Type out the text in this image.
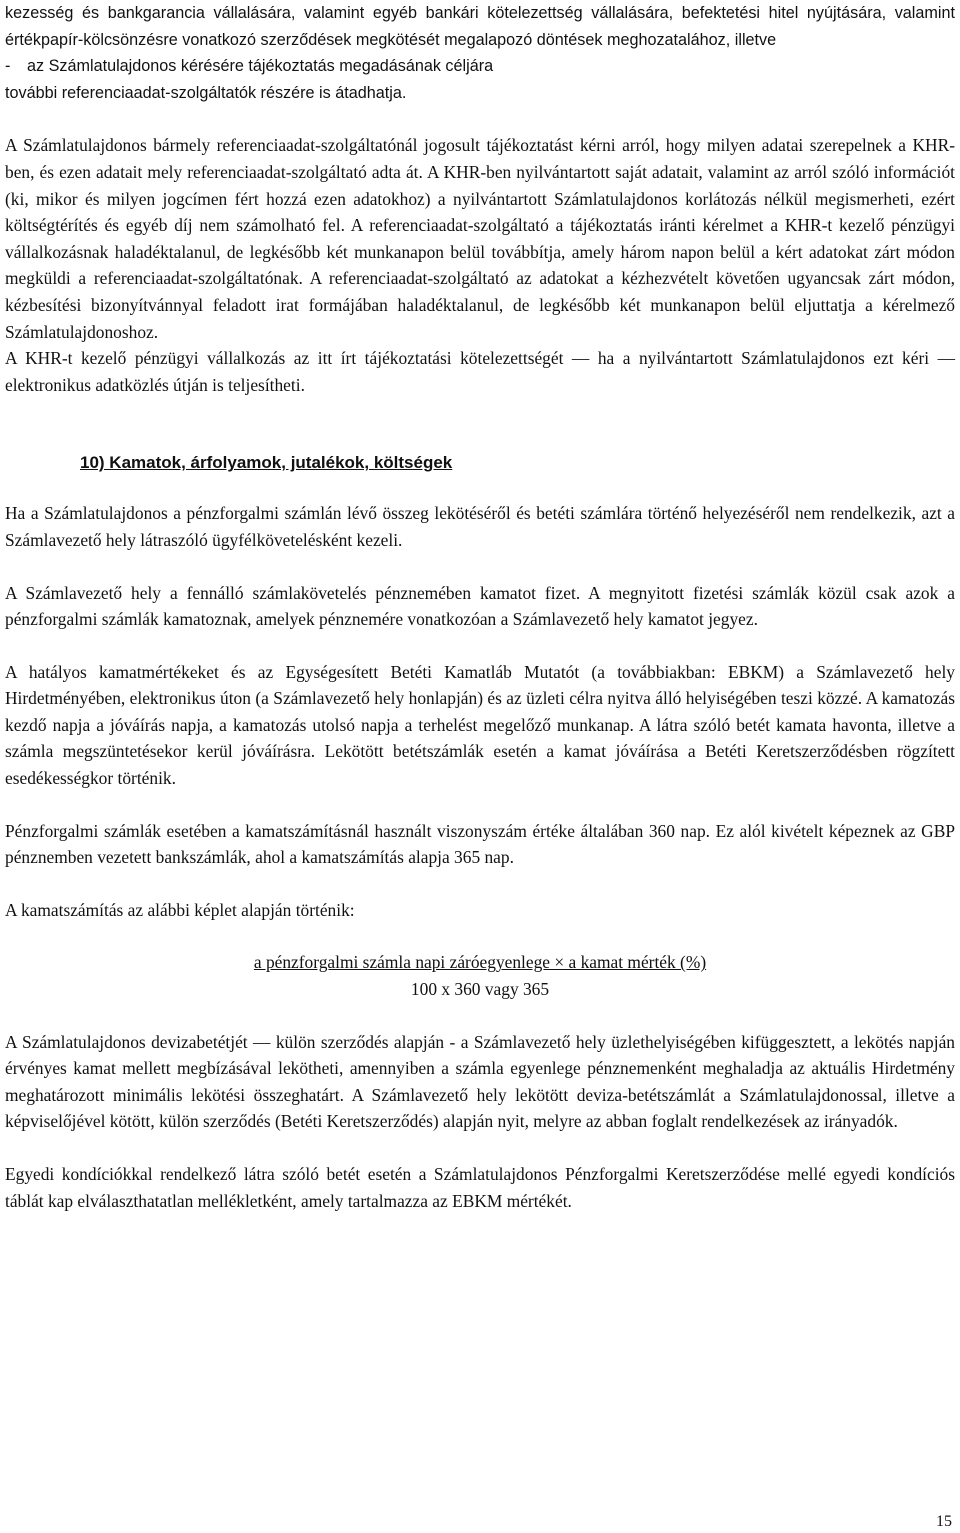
kezesség és bankgarancia vállalására, valamint egyéb bankári kötelezettség vállalására, befektetési hitel nyújtására, valamint értékpapír-kölcsönzésre vonatkozó szerződések megkötését megalapozó döntések meghozatalához, illetve

-	az Számlatulajdonos kérésére tájékoztatás megadásának céljára

további referenciaadat-szolgáltatók részére is átadhatja.

A Számlatulajdonos bármely referenciaadat-szolgáltatónál jogosult tájékoztatást kérni arról, hogy milyen adatai szerepelnek a KHR-ben, és ezen adatait mely referenciaadat-szolgáltató adta át. A KHR-ben nyilvántartott saját adatait, valamint az arról szóló információt (ki, mikor és milyen jogcímen fért hozzá ezen adatokhoz) a nyilvántartott Számlatulajdonos korlátozás nélkül megismerheti, ezért költségtérítés és egyéb díj nem számolható fel. A referenciaadat-szolgáltató a tájékoztatás iránti kérelmet a KHR-t kezelő pénzügyi vállalkozásnak haladéktalanul, de legkésőbb két munkanapon belül továbbítja, amely három napon belül a kért adatokat zárt módon megküldi a referenciaadat-szolgáltatónak. A referenciaadat-szolgáltató az adatokat a kézhezvételt követően ugyancsak zárt módon, kézbesítési bizonyítvánnyal feladott irat formájában haladéktalanul, de legkésőbb két munkanapon belül eljuttatja a kérelmező Számlatulajdonoshoz.

A KHR-t kezelő pénzügyi vállalkozás az itt írt tájékoztatási kötelezettségét ― ha a nyilvántartott Számlatulajdonos ezt kéri ― elektronikus adatközlés útján is teljesítheti.

10) Kamatok, árfolyamok, jutalékok, költségek

Ha a Számlatulajdonos a pénzforgalmi számlán lévő összeg lekötéséről és betéti számlára történő helyezéséről nem rendelkezik, azt a Számlavezető hely látraszóló ügyfélkövetelésként kezeli.

A Számlavezető hely a fennálló számlakövetelés pénznemében kamatot fizet. A megnyitott fizetési számlák közül csak azok a pénzforgalmi számlák kamatoznak, amelyek pénznemére vonatkozóan a Számlavezető hely kamatot jegyez.

A hatályos kamatmértékeket és az Egységesített Betéti Kamatláb Mutatót (a továbbiakban: EBKM) a Számlavezető hely Hirdetményében, elektronikus úton (a Számlavezető hely honlapján) és az üzleti célra nyitva álló helyiségében teszi közzé. A kamatozás kezdő napja a jóváírás napja, a kamatozás utolsó napja a terhelést megelőző munkanap. A látra szóló betét kamata havonta, illetve a számla megszüntetésekor kerül jóváírásra. Lekötött betétszámlák esetén a kamat jóváírása a Betéti Keretszerződésben rögzített esedékességkor történik.

Pénzforgalmi számlák esetében a kamatszámításnál használt viszonyszám értéke általában 360 nap. Ez alól kivételt képeznek az GBP pénznemben vezetett bankszámlák, ahol a kamatszámítás alapja 365 nap.

A kamatszámítás az alábbi képlet alapján történik:

a pénzforgalmi számla napi záróegyenlege × a kamat mérték (%)
100 x 360 vagy 365

A Számlatulajdonos devizabetétjét ― külön szerződés alapján - a Számlavezető hely üzlethelyiségében kifüggesztett, a lekötés napján érvényes kamat mellett megbízásával lekötheti, amennyiben a számla egyenlege pénznemenként meghaladja az aktuális Hirdetmény meghatározott minimális lekötési összeghatárt. A Számlavezető hely lekötött deviza-betétszámlát a Számlatulajdonossal, illetve a képviselőjével kötött, külön szerződés (Betéti Keretszerződés) alapján nyit, melyre az abban foglalt rendelkezések az irányadók.

Egyedi kondíciókkal rendelkező látra szóló betét esetén a Számlatulajdonos Pénzforgalmi Keretszerződése mellé egyedi kondíciós táblát kap elválaszthatatlan mellékletként, amely tartalmazza az EBKM mértékét.

15
